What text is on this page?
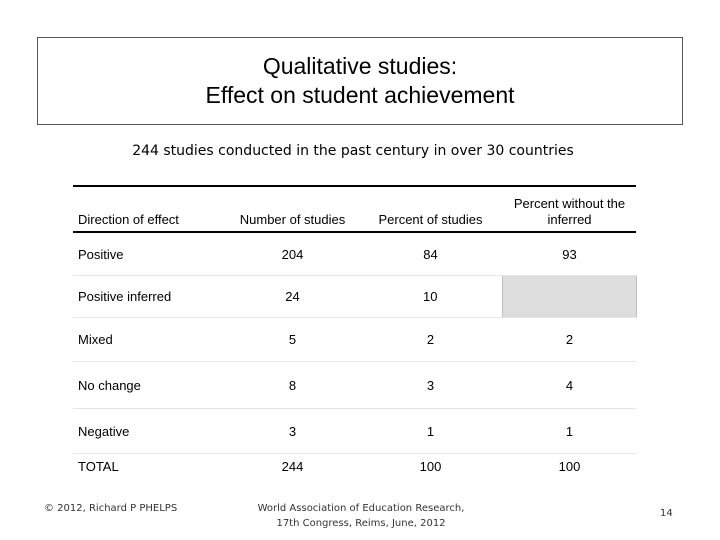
Qualitative studies:
Effect on student achievement
244 studies conducted in the past century in over 30 countries
Direction of effect	Number of studies	Percent of studies	Percent without the inferred
Positive	204	84	93
Positive inferred	24	10	
Mixed	5	2	2
No change	8	3	4
Negative	3	1	1
TOTAL	244	100	100
© 2012, Richard P PHELPS	World Association of Education Research,
17th Congress, Reims, June, 2012
14
